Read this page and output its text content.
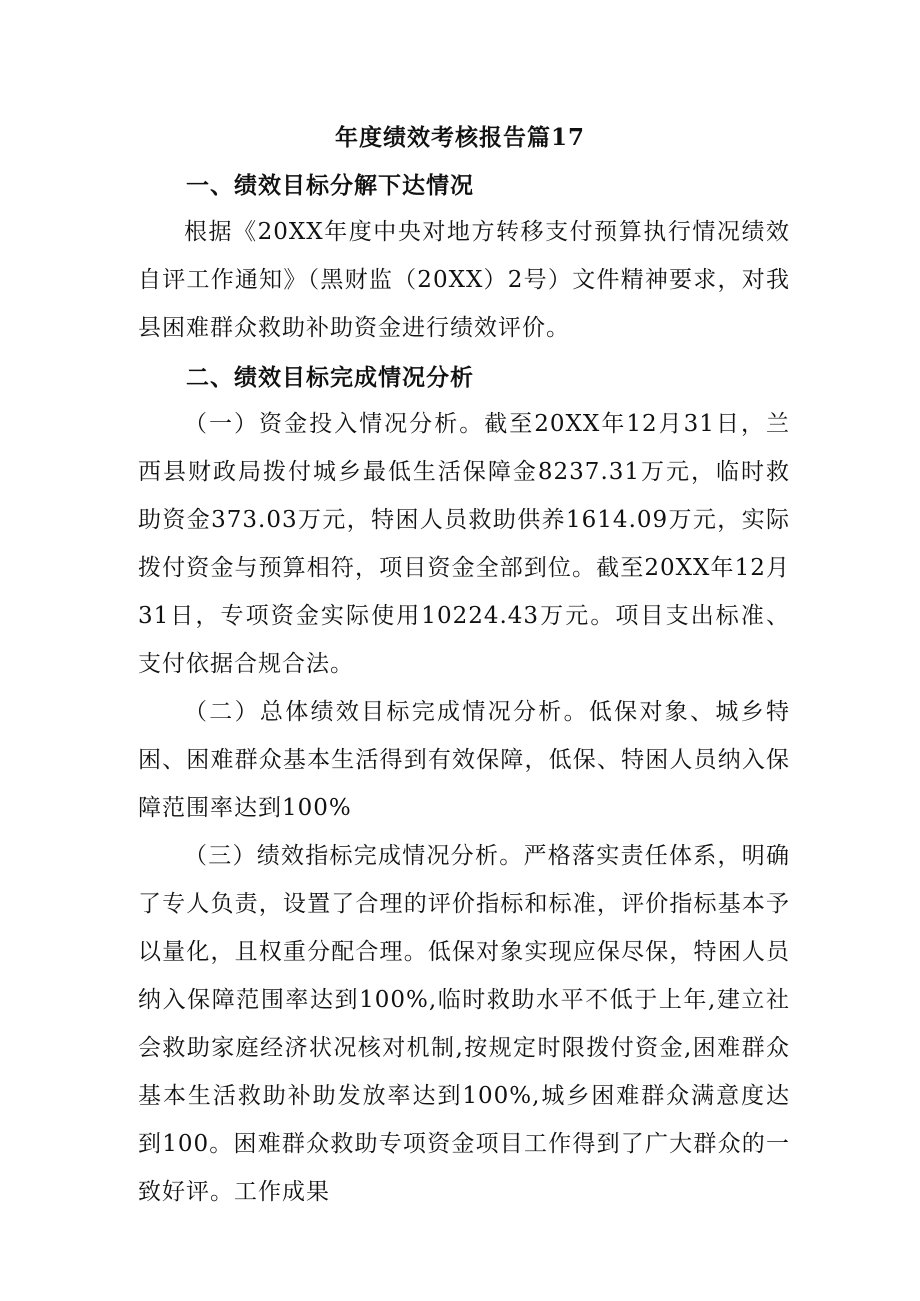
年度绩效考核报告篇17
一、绩效目标分解下达情况

根据《20XX年度中央对地方转移支付预算执行情况绩效自评工作通知》（黑财监（20XX）2号）文件精神要求，对我县困难群众救助补助资金进行绩效评价。

二、绩效目标完成情况分析

（一）资金投入情况分析。截至20XX年12月31日，兰西县财政局拨付城乡最低生活保障金8237.31万元，临时救助资金373.03万元，特困人员救助供养1614.09万元，实际拨付资金与预算相符，项目资金全部到位。截至20XX年12月31日，专项资金实际使用10224.43万元。项目支出标准、支付依据合规合法。

（二）总体绩效目标完成情况分析。低保对象、城乡特困、困难群众基本生活得到有效保障，低保、特困人员纳入保障范围率达到100%

（三）绩效指标完成情况分析。严格落实责任体系，明确了专人负责，设置了合理的评价指标和标准，评价指标基本予以量化，且权重分配合理。低保对象实现应保尽保，特困人员纳入保障范围率达到100%,临时救助水平不低于上年,建立社会救助家庭经济状况核对机制,按规定时限拨付资金,困难群众基本生活救助补助发放率达到100%,城乡困难群众满意度达到100。困难群众救助专项资金项目工作得到了广大群众的一致好评。工作成果
